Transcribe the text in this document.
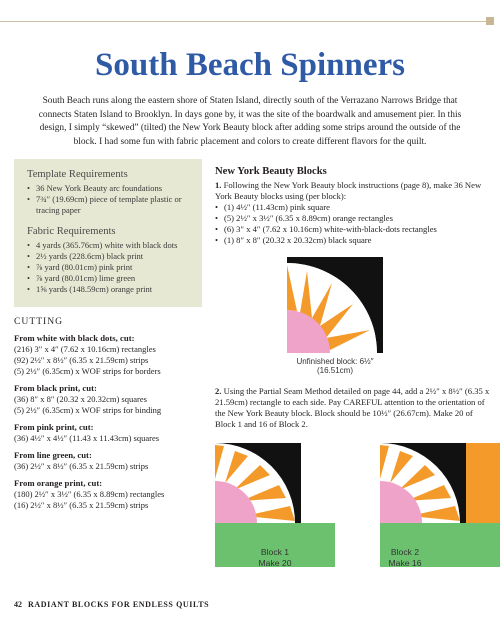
South Beach Spinners

South Beach runs along the eastern shore of Staten Island, directly south of the Verrazano Narrows Bridge that connects Staten Island to Brooklyn. In days gone by, it was the site of the boardwalk and amusement pier. In this design, I simply “skewed” (tilted) the New York Beauty block after adding some strips around the outside of the block. I had some fun with fabric placement and colors to create different flavors for the quilt.

Template Requirements
• 36 New York Beauty arc foundations
• 7¾″ (19.69cm) piece of template plastic or tracing paper
Fabric Requirements
• 4 yards (365.76cm) white with black dots
• 2½ yards (228.6cm) black print
• ⅞ yard (80.01cm) pink print
• ⅞ yard (80.01cm) lime green
• 1⅝ yards (148.59cm) orange print
CUTTING
From white with black dots, cut:
(216) 3″ x 4″ (7.62 x 10.16cm) rectangles
(92) 2½″ x 8½″ (6.35 x 21.59cm) strips
(5) 2½″ (6.35cm) x WOF strips for borders
From black print, cut:
(36) 8″ x 8″ (20.32 x 20.32cm) squares
(5) 2½″ (6.35cm) x WOF strips for binding
From pink print, cut:
(36) 4½″ x 4½″ (11.43 x 11.43cm) squares
From line green, cut:
(36) 2½″ x 8½″ (6.35 x 21.59cm) strips
From orange print, cut:
(180) 2½″ x 3½″ (6.35 x 8.89cm) rectangles
(16) 2½″ x 8½″ (6.35 x 21.59cm) strips
New York Beauty Blocks

1. Following the New York Beauty block instructions (page 8), make 36 New York Beauty blocks using (per block):

• (1) 4½″ (11.43cm) pink square
• (5) 2½″ x 3½″ (6.35 x 8.89cm) orange rectangles
• (6) 3″ x 4″ (7.62 x 10.16cm) white-with-black-dots rectangles
• (1) 8″ x 8″ (20.32 x 20.32cm) black square
Unfinished block: 6½″ (16.51cm)

2. Using the Partial Seam Method detailed on page 44, add a 2½″ x 8½″ (6.35 x 21.59cm) rectangle to each side. Pay CAREFUL attention to the orientation of the New York Beauty block. Block should be 10½″ (26.67cm). Make 20 of Block 1 and 16 of Block 2.

Block 1
Make 20
Block 2
Make 16
42 RADIANT BLOCKS FOR ENDLESS QUILTS
